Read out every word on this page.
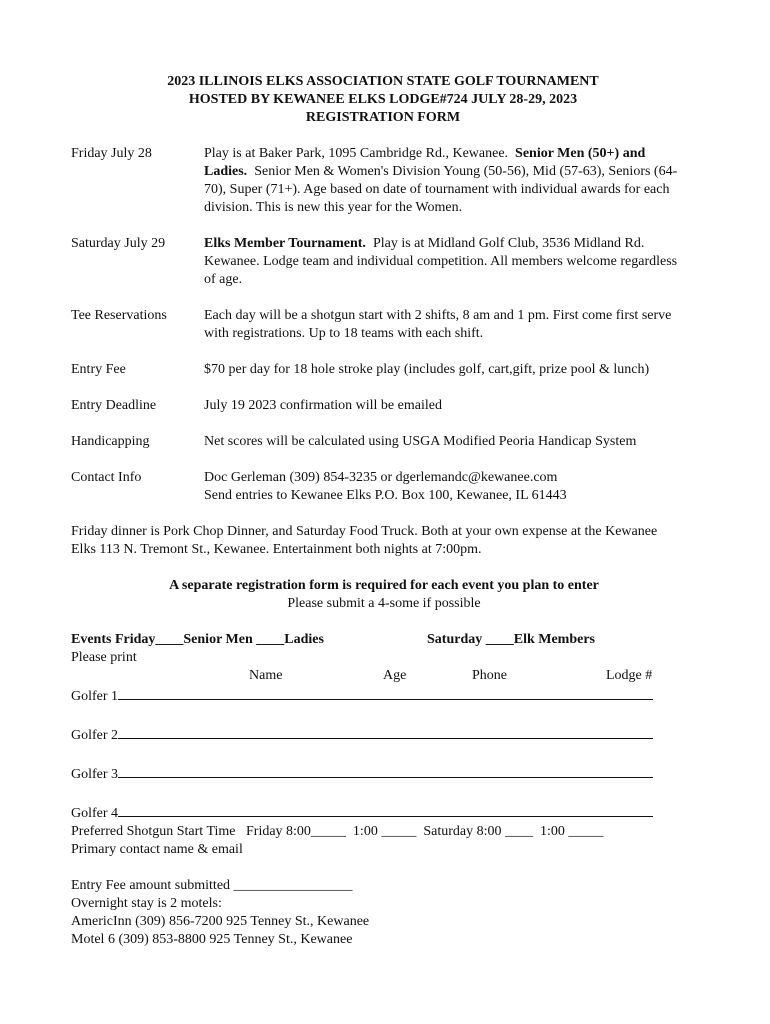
2023 ILLINOIS ELKS ASSOCIATION STATE GOLF TOURNAMENT
HOSTED BY KEWANEE ELKS LODGE#724 JULY 28-29, 2023
REGISTRATION FORM
Friday July 28	Play is at Baker Park, 1095 Cambridge Rd., Kewanee. Senior Men (50+) and Ladies. Senior Men & Women's Division Young (50-56), Mid (57-63), Seniors (64-70), Super (71+). Age based on date of tournament with individual awards for each division. This is new this year for the Women.
Saturday July 29	Elks Member Tournament. Play is at Midland Golf Club, 3536 Midland Rd. Kewanee. Lodge team and individual competition. All members welcome regardless of age.
Tee Reservations	Each day will be a shotgun start with 2 shifts, 8 am and 1 pm. First come first serve with registrations. Up to 18 teams with each shift.
Entry Fee	$70 per day for 18 hole stroke play (includes golf, cart,gift, prize pool & lunch)
Entry Deadline	July 19 2023 confirmation will be emailed
Handicapping	Net scores will be calculated using USGA Modified Peoria Handicap System
Contact Info	Doc Gerleman (309) 854-3235 or dgerlemandc@kewanee.com
Send entries to Kewanee Elks P.O. Box 100, Kewanee, IL 61443
Friday dinner is Pork Chop Dinner, and Saturday Food Truck. Both at your own expense at the Kewanee Elks 113 N. Tremont St., Kewanee. Entertainment both nights at 7:00pm.
A separate registration form is required for each event you plan to enter
Please submit a 4-some if possible
Events Friday____Senior Men ____Ladies	Saturday ____Elk Members
Please print
Name	Age	Phone	Lodge #
Golfer 1
Golfer 2
Golfer 3
Golfer 4
Preferred Shotgun Start Time   Friday 8:00_____  1:00 _____  Saturday 8:00 ____  1:00 _____
Primary contact name & email
Entry Fee amount submitted _________________
Overnight stay is 2 motels:
AmericInn (309) 856-7200 925 Tenney St., Kewanee
Motel 6 (309) 853-8800 925 Tenney St., Kewanee
